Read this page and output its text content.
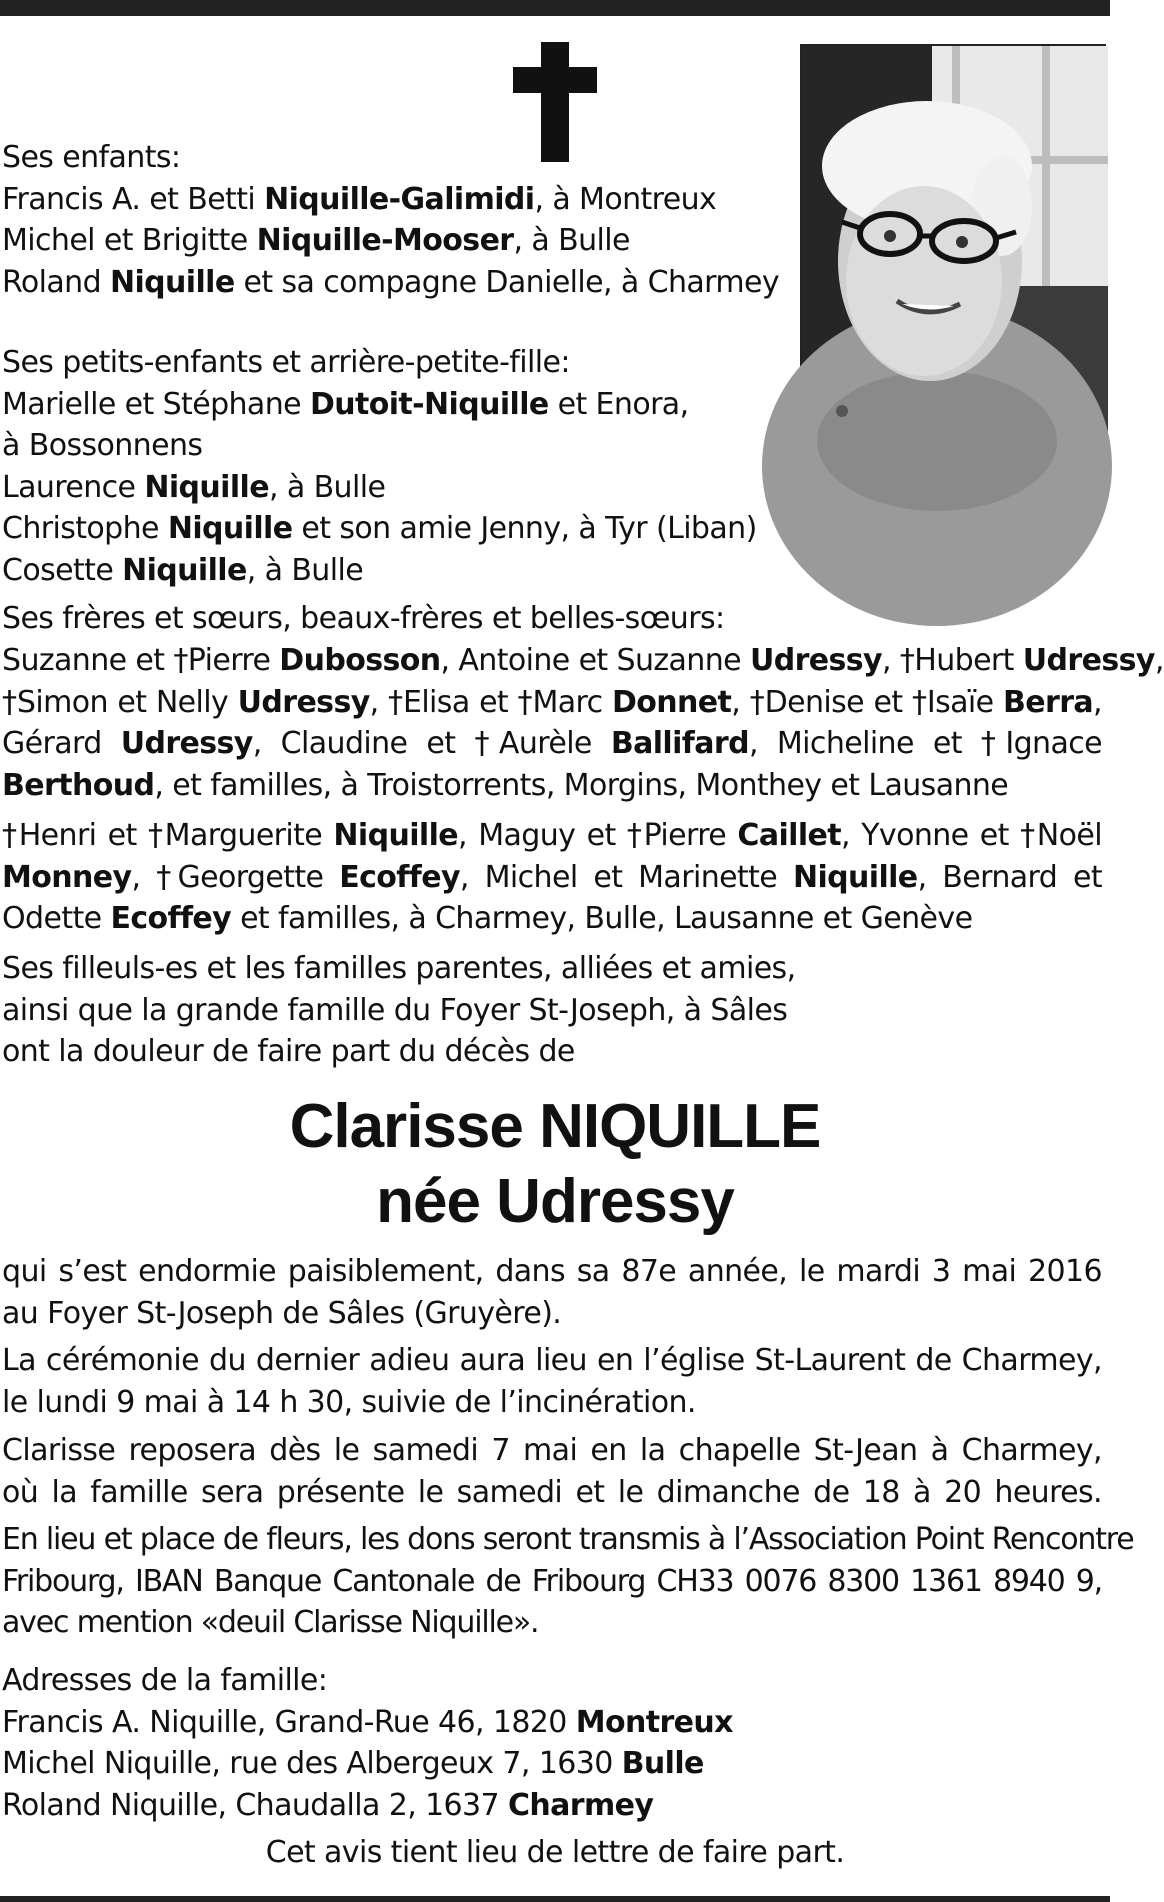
Ses enfants:
Francis A. et Betti Niquille-Galimidi, à Montreux
Michel et Brigitte Niquille-Mooser, à Bulle
Roland Niquille et sa compagne Danielle, à Charmey
Ses petits-enfants et arrière-petite-fille:
Marielle et Stéphane Dutoit-Niquille et Enora,
à Bossonnens
Laurence Niquille, à Bulle
Christophe Niquille et son amie Jenny, à Tyr (Liban)
Cosette Niquille, à Bulle
Ses frères et sœurs, beaux-frères et belles-sœurs:
Suzanne et †Pierre Dubosson, Antoine et Suzanne Udressy, †Hubert Udressy,
†Simon et Nelly Udressy, †Elisa et †Marc Donnet, †Denise et †Isaïe Berra,
Gérard Udressy, Claudine et †Aurèle Ballifard, Micheline et †Ignace
Berthoud, et familles, à Troistorrents, Morgins, Monthey et Lausanne
†Henri et †Marguerite Niquille, Maguy et †Pierre Caillet, Yvonne et †Noël
Monney, †Georgette Ecoffey, Michel et Marinette Niquille, Bernard et
Odette Ecoffey et familles, à Charmey, Bulle, Lausanne et Genève
Ses filleuls-es et les familles parentes, alliées et amies,
ainsi que la grande famille du Foyer St-Joseph, à Sâles
ont la douleur de faire part du décès de
Clarisse NIQUILLE
née Udressy
qui s’est endormie paisiblement, dans sa 87e année, le mardi 3 mai 2016
au Foyer St-Joseph de Sâles (Gruyère).
La cérémonie du dernier adieu aura lieu en l’église St-Laurent de Charmey,
le lundi 9 mai à 14 h 30, suivie de l’incinération.
Clarisse reposera dès le samedi 7 mai en la chapelle St-Jean à Charmey,
où la famille sera présente le samedi et le dimanche de 18 à 20 heures.
En lieu et place de fleurs, les dons seront transmis à l’Association Point Rencontre
Fribourg, IBAN Banque Cantonale de Fribourg CH33 0076 8300 1361 8940 9,
avec mention «deuil Clarisse Niquille».
Adresses de la famille:
Francis A. Niquille, Grand-Rue 46, 1820 Montreux
Michel Niquille, rue des Albergeux 7, 1630 Bulle
Roland Niquille, Chaudalla 2, 1637 Charmey
Cet avis tient lieu de lettre de faire part.
